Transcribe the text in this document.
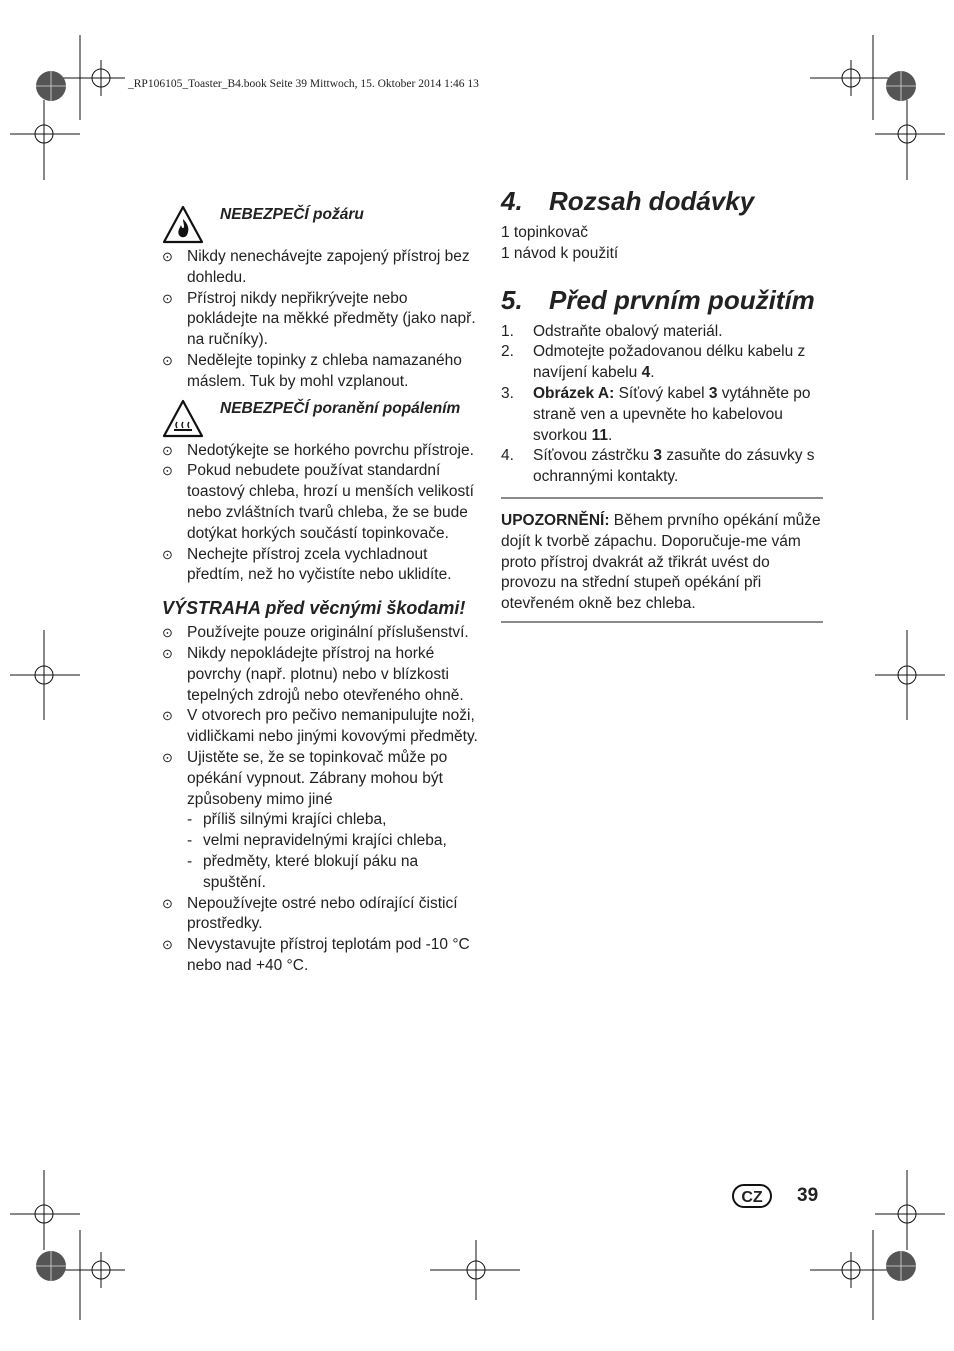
_RP106105_Toaster_B4.book Seite 39 Mittwoch, 15. Oktober 2014 1:46 13
NEBEZPEČÍ požáru
⊙ Nikdy nenechávejte zapojený přístroj bez dohledu.
⊙ Přístroj nikdy nepřikrývejte nebo pokládejte na měkké předměty (jako např. na ručníky).
⊙ Nedělejte topinky z chleba namazaného máslem. Tuk by mohl vzplanout.
NEBEZPEČÍ poranění popálením
⊙ Nedotýkejte se horkého povrchu přístroje.
⊙ Pokud nebudete používat standardní toastový chleba, hrozí u menších velikostí nebo zvláštních tvarů chleba, že se bude dotýkat horkých součástí topinkovače.
⊙ Nechejte přístroj zcela vychladnout předtím, než ho vyčistíte nebo uklidíte.
VÝSTRAHA před věcnými škodami!
⊙ Používejte pouze originální příslušenství.
⊙ Nikdy nepokládejte přístroj na horké povrchy (např. plotnu) nebo v blízkosti tepelných zdrojů nebo otevřeného ohně.
⊙ V otvorech pro pečivo nemanipulujte noži, vidličkami nebo jinými kovovými předměty.
⊙ Ujistěte se, že se topinkovač může po opékání vypnout. Zábrany mohou být způsobeny mimo jiné
- příliš silnými krajíci chleba,
- velmi nepravidelnými krajíci chleba,
- předměty, které blokují páku na spuštění.
⊙ Nepoužívejte ostré nebo odírající čisticí prostředky.
⊙ Nevystavujte přístroj teplotám pod -10 °C nebo nad +40 °C.
4. Rozsah dodávky
1 topinkovač
1 návod k použití
5. Před prvním použitím
1. Odstraňte obalový materiál.
2. Odmotejte požadovanou délku kabelu z navíjení kabelu 4.
3. Obrázek A: Síťový kabel 3 vytáhněte po straně ven a upevněte ho kabelovou svorkou 11.
4. Síťovou zástrčku 3 zasuňte do zásuvky s ochrannými kontakty.
UPOZORNĚNÍ: Během prvního opékání může dojít k tvorbě zápachu. Doporučuje-me vám proto přístroj dvakrát až třikrát uvést do provozu na střední stupeň opékání při otevřeném okně bez chleba.
CZ	39
